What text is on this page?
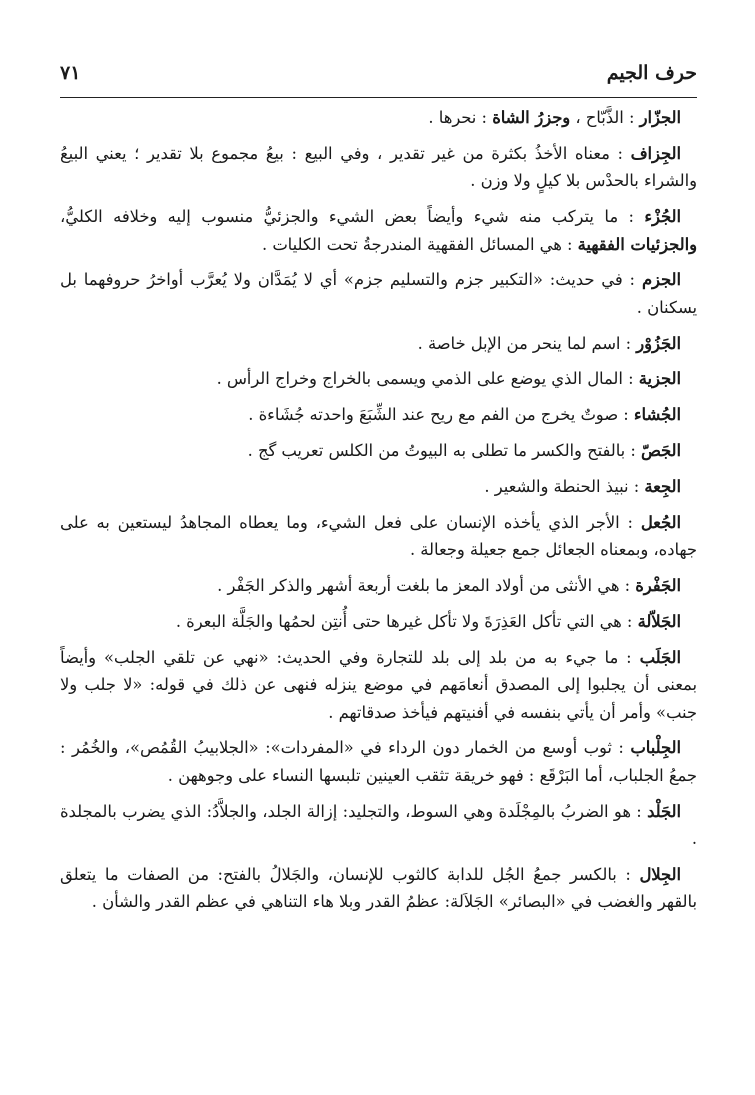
حرف الجيم
٧١
الجزّار : الذَّبّاح ، وجزرُ الشاة : نحرها .
الجِزاف : معناه الأخذُ بكثرة من غير تقدير ، وفي البيع : بيعُ مجموع بلا تقدير ؛ يعني البيعُ والشراء بالحدْس بلا كيلٍ ولا وزن .
الجُزْء : ما يتركب منه شيء وأيضاً بعض الشيء والجزئيُّ منسوب إليه وخلافه الكليُّ، والجزئيات الفقهية : هي المسائل الفقهية المندرجةُ تحت الكليات .
الجزم : في حديث: «التكبير جزم والتسليم جزم» أي لا يُمَدَّان ولا يُعرَّب أواخرُ حروفهما بل يسكنان .
الجَزُوْر : اسم لما ينحر من الإبل خاصة .
الجزية : المال الذي يوضع على الذمي ويسمى بالخراج وخراج الرأس .
الجُشاء : صوتٌ يخرج من الفم مع ريح عند الشِّبَعَ واحدته جُشَاءة .
الجَصّ : بالفتح والكسر ما تطلى به البيوتُ من الكلس تعريب گج .
الجِعة : نبيذ الحنطة والشعير .
الجُعل : الأجر الذي يأخذه الإنسان على فعل الشيء، وما يعطاه المجاهدُ ليستعين به على جهاده، وبمعناه الجعائل جمع جعيلة وجعالة .
الجَفْرة : هي الأنثى من أولاد المعز ما بلغت أربعة أشهر والذكر الجَفْر .
الجَلاّلة : هي التي تأكل العَذِرَةَ ولا تأكل غيرها حتى أُنتِن لحمُها والجَلَّة البعرة .
الجَلَب : ما جيء به من بلد إلى بلد للتجارة وفي الحديث: «نهي عن تلقي الجلب» وأيضاً بمعنى أن يجلبوا إلى المصدق أنعامَهم في موضع ينزله فنهى عن ذلك في قوله: «لا جلب ولا جنب» وأمر أن يأتي بنفسه في أفنيتهم فيأخذ صدقاتهم .
الجِلْباب : ثوب أوسع من الخمار دون الرداء في «المفردات»: «الجلابيبُ القُمُص»، والخُمُر : جمعُ الجلباب، أما البَرْقَع : فهو خريقة تثقب العينين تلبسها النساء على وجوههن .
الجَلْد : هو الضربُ بالمِجْلَدة وهي السوط، والتجليد: إزالة الجلد، والجلاَّدُ: الذي يضرب بالمجلدة .
الجِلال : بالكسر جمعُ الجُل للدابة كالثوب للإنسان، والجَلالُ بالفتح: من الصفات ما يتعلق بالقهر والغضب في «البصائر» الجَلاَلة: عظمُ القدر وبلا هاء التناهي في عظم القدر والشأن .
